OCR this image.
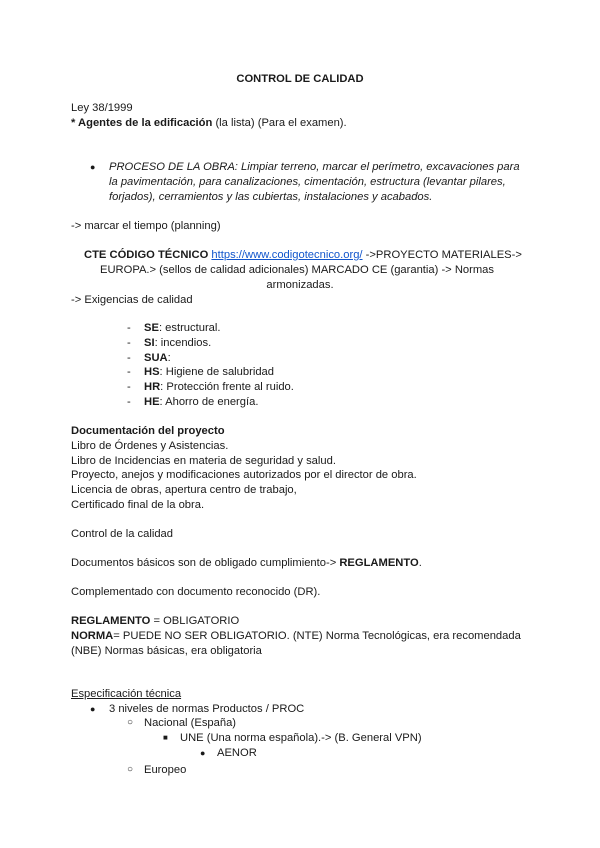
CONTROL DE CALIDAD
Ley 38/1999
* Agentes de la edificación (la lista) (Para el examen).
● PROCESO DE LA OBRA: Limpiar terreno, marcar el perímetro, excavaciones para
la pavimentación, para canalizaciones, cimentación, estructura (levantar pilares,
forjados), cerramientos y las cubiertas, instalaciones y acabados.
-> marcar el tiempo (planning)
CTE CÓDIGO TÉCNICO https://www.codigotecnico.org/ ->PROYECTO MATERIALES->
EUROPA.> (sellos de calidad adicionales) MARCADO CE (garantia) -> Normas
armonizadas.
-> Exigencias de calidad
- SE: estructural.
- SI: incendios.
- SUA:
- HS: Higiene de salubridad
- HR: Protección frente al ruido.
- HE: Ahorro de energía.
Documentación del proyecto
Libro de Órdenes y Asistencias.
Libro de Incidencias en materia de seguridad y salud.
Proyecto, anejos y modificaciones autorizados por el director de obra.
Licencia de obras, apertura centro de trabajo,
Certificado final de la obra.
Control de la calidad
Documentos básicos son de obligado cumplimiento-> REGLAMENTO.
Complementado con documento reconocido (DR).
REGLAMENTO = OBLIGATORIO
NORMA= PUEDE NO SER OBLIGATORIO. (NTE) Norma Tecnológicas, era recomendada
(NBE) Normas básicas, era obligatoria
Especificación técnica
● 3 niveles de normas Productos / PROC
○ Nacional (España)
■ UNE (Una norma española).-> (B. General VPN)
● AENOR
○ Europeo
